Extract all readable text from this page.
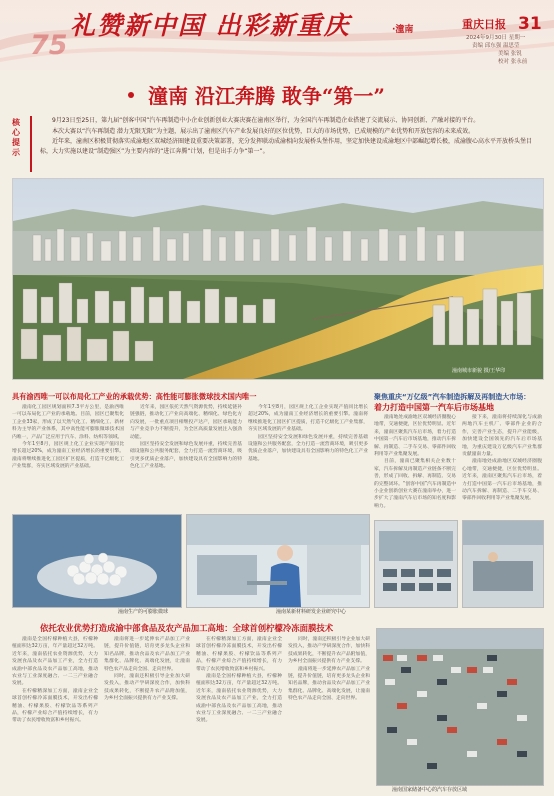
75
礼赞新中国 出彩新重庆	·潼南	重庆日报 31
2024年9月30日 星期一
责编 邱东强 温思莹
美编 张锐
校对 张永前
潼南 沿江奔腾 敢争“第一”
核心提示

9月23日至25日，第九届“创客中国”汽车再制造中小企业创新创业大赛决赛在潼南区举行，为全国汽车再制造企业搭建了交流展示、协同创新、产融对接的平台。

本次大赛以“汽车再制造 潜力无限无限”为主题，展示出了潼南区汽车产业发展良好的区位优势，巨大的市场优势，已成规模的产业优势和开放包容的未来成效。

近年来，潼南区积极贯彻落实成渝地区双城经济圈建设重要决策部署，充分发挥联动成渝相向发展桥头堡作用，坚定加快建设成渝地区中部崛起增长极，成渝腹心高水平开放桥头堡目标，大力实施以建设“制造强区”为主要内容的“进江奔腾”计划，但是出手力争“第一”。

潼南城市新貌 摄/王华印
具有渝西唯一可以布局化工产业的承载优势：高性能可膨胀微球技术国内唯一

潼南化工园区规划面积7.3平方公里，是渝西唯一可以布局化工产业的承载地。目前，园区已聚集化工企业33家，形成了以天然气化工、精细化工、新材料为主导的产业体系，其中高性能可膨胀微球技术国内唯一，产品广泛应用于汽车、涂料、纺织等领域。

今年1至8月，园区规上化工企业实现产值同比增长超过20%，成为潼南工业经济增长的重要引擎。潼南将继续推进化工园区扩区提质，打造千亿级化工产业集群，夯实区域发展的产业基础。

近年来，园区依托天然气资源优势，持续延链补链强链，推动化工产业向高端化、精细化、绿色化方向发展，一批重点项目相继投产达产，园区承载能力与产业竞争力不断提升，为全区高质量发展注入强劲动能。

园区坚持安全发展和绿色发展并重，持续完善基础设施和公共服务配套，全力打造一流营商环境，吸引更多优质企业落户，加快建设具有全国影响力的特色化工产业基地。

今年1至8月，园区规上化工企业实现产值同比增长超过20%，成为潼南工业经济增长的重要引擎。潼南将继续推进化工园区扩区提质，打造千亿级化工产业集群，夯实区域发展的产业基础。

园区坚持安全发展和绿色发展并重，持续完善基础设施和公共服务配套，全力打造一流营商环境，吸引更多优质企业落户，加快建设具有全国影响力的特色化工产业基地。

潼南生产的可膨胀微球	潼南某新材料研发企业研究中心
聚焦重庆“万亿级”汽车制造拆解及再制造大市场：
着力打造中国第一汽车后市场基地

潼南地处成渝地区双城经济圈腹心地带，交通便捷，区位优势明显。近年来，潼南区聚焦汽车后市场，着力打造中国第一汽车后市场基地，推动汽车拆解、再制造、二手车交易、零部件回收利用等产业集聚发展。

目前，潼南已聚集相关企业数十家，汽车拆解及再制造产业链条不断完善，形成了回收、拆解、再制造、交易的完整闭环。“创客中国”汽车再制造中小企业创新创业大赛在潼南举办，进一步扩大了潼南汽车后市场的知名度和影响力。

接下来，潼南将持续深化与成渝两地汽车主机厂、零部件企业的合作，完善产业生态，提升产业能级，加快建设全国领先的汽车后市场基地，为重庆建设万亿级汽车产业集群贡献潼南力量。

潼南地处成渝地区双城经济圈腹心地带，交通便捷，区位优势明显。近年来，潼南区聚焦汽车后市场，着力打造中国第一汽车后市场基地，推动汽车拆解、再制造、二手车交易、零部件回收利用等产业集聚发展。

依托农业优势打造成渝中部食品及农产品加工高地：全球首创柠檬冷冻面膜技术

潼南是全国柠檬种植大县，柠檬种植面积达32万亩，年产量超过32万吨。近年来，潼南依托农业资源优势，大力发展食品及农产品加工产业，全力打造成渝中部食品及农产品加工高地，推动农业与工业深度融合、一二三产业融合发展。

在柠檬精深加工方面，潼南企业全球首创柠檬冷冻面膜技术，开发出柠檬精油、柠檬果胶、柠檬饮品等系列产品，柠檬产业综合产值持续增长，有力带动了农民增收致富和乡村振兴。

潼南将进一步延伸农产品加工产业链，提升价值链，培育更多龙头企业和知名品牌，推动食品及农产品加工产业集群化、品牌化、高端化发展，让潼南特色农产品走向全国、走向世界。

同时，潼南还积极引导企业加大研发投入，推动产学研深度合作，加快科技成果转化，不断提升农产品附加值，为乡村全面振兴提供有力产业支撑。

在柠檬精深加工方面，潼南企业全球首创柠檬冷冻面膜技术，开发出柠檬精油、柠檬果胶、柠檬饮品等系列产品，柠檬产业综合产值持续增长，有力带动了农民增收致富和乡村振兴。

潼南是全国柠檬种植大县，柠檬种植面积达32万亩，年产量超过32万吨。近年来，潼南依托农业资源优势，大力发展食品及农产品加工产业，全力打造成渝中部食品及农产品加工高地，推动农业与工业深度融合、一二三产业融合发展。

同时，潼南还积极引导企业加大研发投入，推动产学研深度合作，加快科技成果转化，不断提升农产品附加值，为乡村全面振兴提供有力产业支撑。

潼南将进一步延伸农产品加工产业链，提升价值链，培育更多龙头企业和知名品牌，推动食品及农产品加工产业集群化、品牌化、高端化发展，让潼南特色农产品走向全国、走向世界。

潼南国家储备中心的汽车存放区域
